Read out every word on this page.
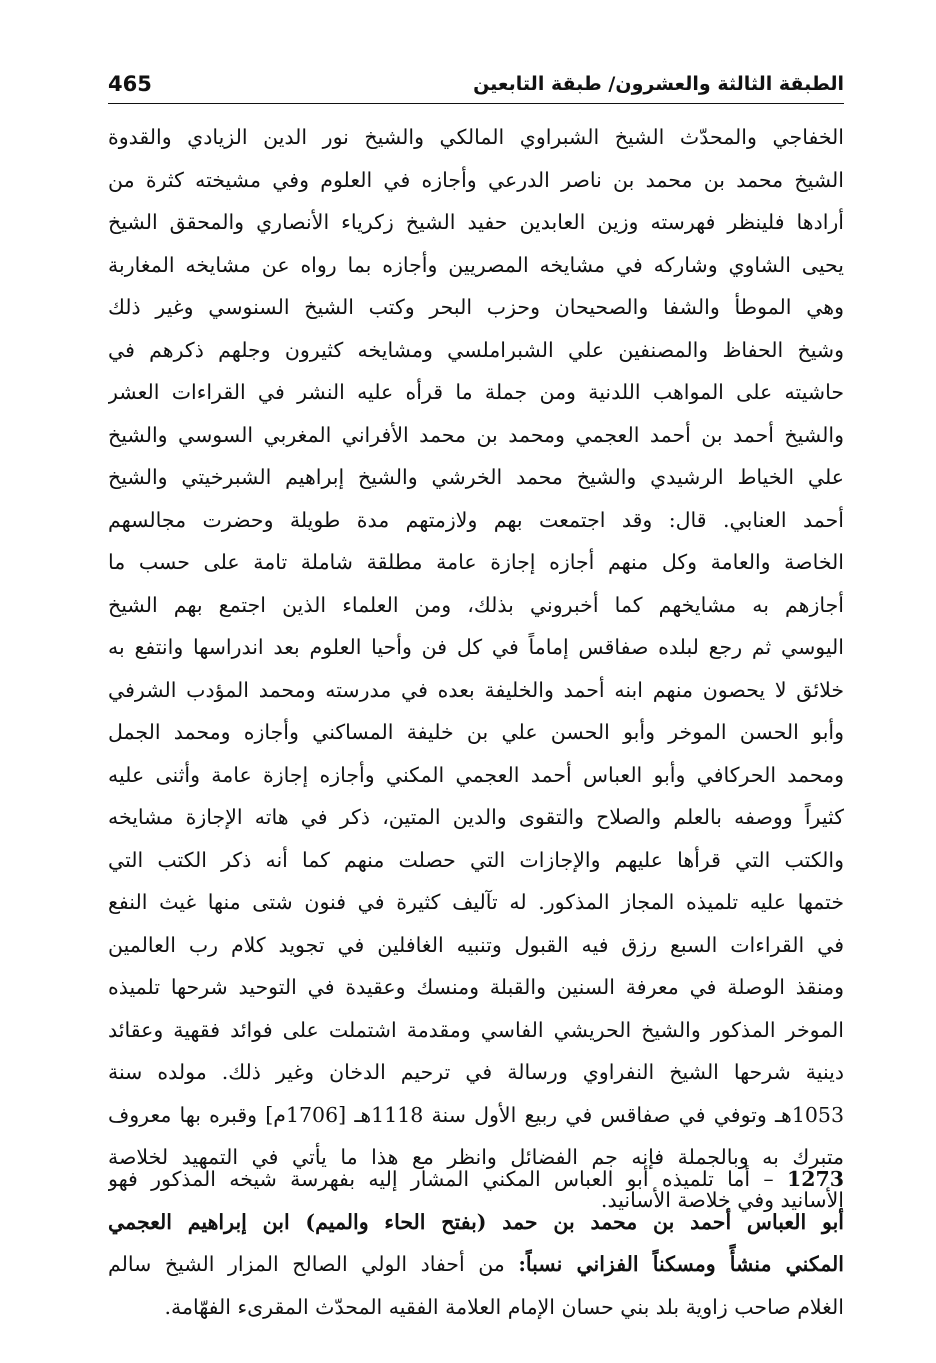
465	الطبقة الثالثة والعشرون/ طبقة التابعين
الخفاجي والمحدّث الشيخ الشبراوي المالكي والشيخ نور الدين الزيادي والقدوة
الشيخ محمد بن محمد بن ناصر الدرعي وأجازه في العلوم وفي مشيخته كثرة من
أرادها فلينظر فهرسته وزين العابدين حفيد الشيخ زكرياء الأنصاري والمحقق الشيخ
يحيى الشاوي وشاركه في مشايخه المصريين وأجازه بما رواه عن مشايخه المغاربة
وهي الموطأ والشفا والصحيحان وحزب البحر وكتب الشيخ السنوسي وغير ذلك
وشيخ الحفاظ والمصنفين علي الشبراملسي ومشايخه كثيرون وجلهم ذكرهم في
حاشيته على المواهب اللدنية ومن جملة ما قرأه عليه النشر في القراءات العشر
والشيخ أحمد بن أحمد العجمي ومحمد بن محمد الأفراني المغربي السوسي والشيخ
علي الخياط الرشيدي والشيخ محمد الخرشي والشيخ إبراهيم الشبرخيتي والشيخ
أحمد العنابي. قال: وقد اجتمعت بهم ولازمتهم مدة طويلة وحضرت مجالسهم
الخاصة والعامة وكل منهم أجازه إجازة عامة مطلقة شاملة تامة على حسب ما
أجازهم به مشايخهم كما أخبروني بذلك، ومن العلماء الذين اجتمع بهم الشيخ
اليوسي ثم رجع لبلده صفاقس إماماً في كل فن وأحيا العلوم بعد اندراسها وانتفع به
خلائق لا يحصون منهم ابنه أحمد والخليفة بعده في مدرسته ومحمد المؤدب الشرفي
وأبو الحسن الموخر وأبو الحسن علي بن خليفة المساكني وأجازه ومحمد الجمل
ومحمد الحركافي وأبو العباس أحمد العجمي المكني وأجازه إجازة عامة وأثنى عليه
كثيراً ووصفه بالعلم والصلاح والتقوى والدين المتين، ذكر في هاته الإجازة مشايخه
والكتب التي قرأها عليهم والإجازات التي حصلت منهم كما أنه ذكر الكتب التي
ختمها عليه تلميذه المجاز المذكور. له تآليف كثيرة في فنون شتى منها غيث النفع
في القراءات السبع رزق فيه القبول وتنبيه الغافلين في تجويد كلام رب العالمين
ومنقذ الوصلة في معرفة السنين والقبلة ومنسك وعقيدة في التوحيد شرحها تلميذه
الموخر المذكور والشيخ الحريشي الفاسي ومقدمة اشتملت على فوائد فقهية وعقائد
دينية شرحها الشيخ النفراوي ورسالة في ترحيم الدخان وغير ذلك. مولده سنة
1053هـ وتوفي في صفاقس في ربيع الأول سنة 1118هـ [1706م] وقبره بها معروف
متبرك به وبالجملة فإنه جم الفضائل وانظر مع هذا ما يأتي في التمهيد لخلاصة
الأسانيد وفي خلاصة الأسانيد.
1273 – أما تلميذه أبو العباس المكني المشار إليه بفهرسة شيخه المذكور فهو
أبو العباس أحمد بن محمد بن حمد (بفتح الحاء والميم) ابن إبراهيم العجمي
المكني منشأً ومسكناً الفزاني نسباً: من أحفاد الولي الصالح المزار الشيخ سالم
الغلام صاحب زاوية بلد بني حسان الإمام العلامة الفقيه المحدّث المقرىء الفهّامة.
